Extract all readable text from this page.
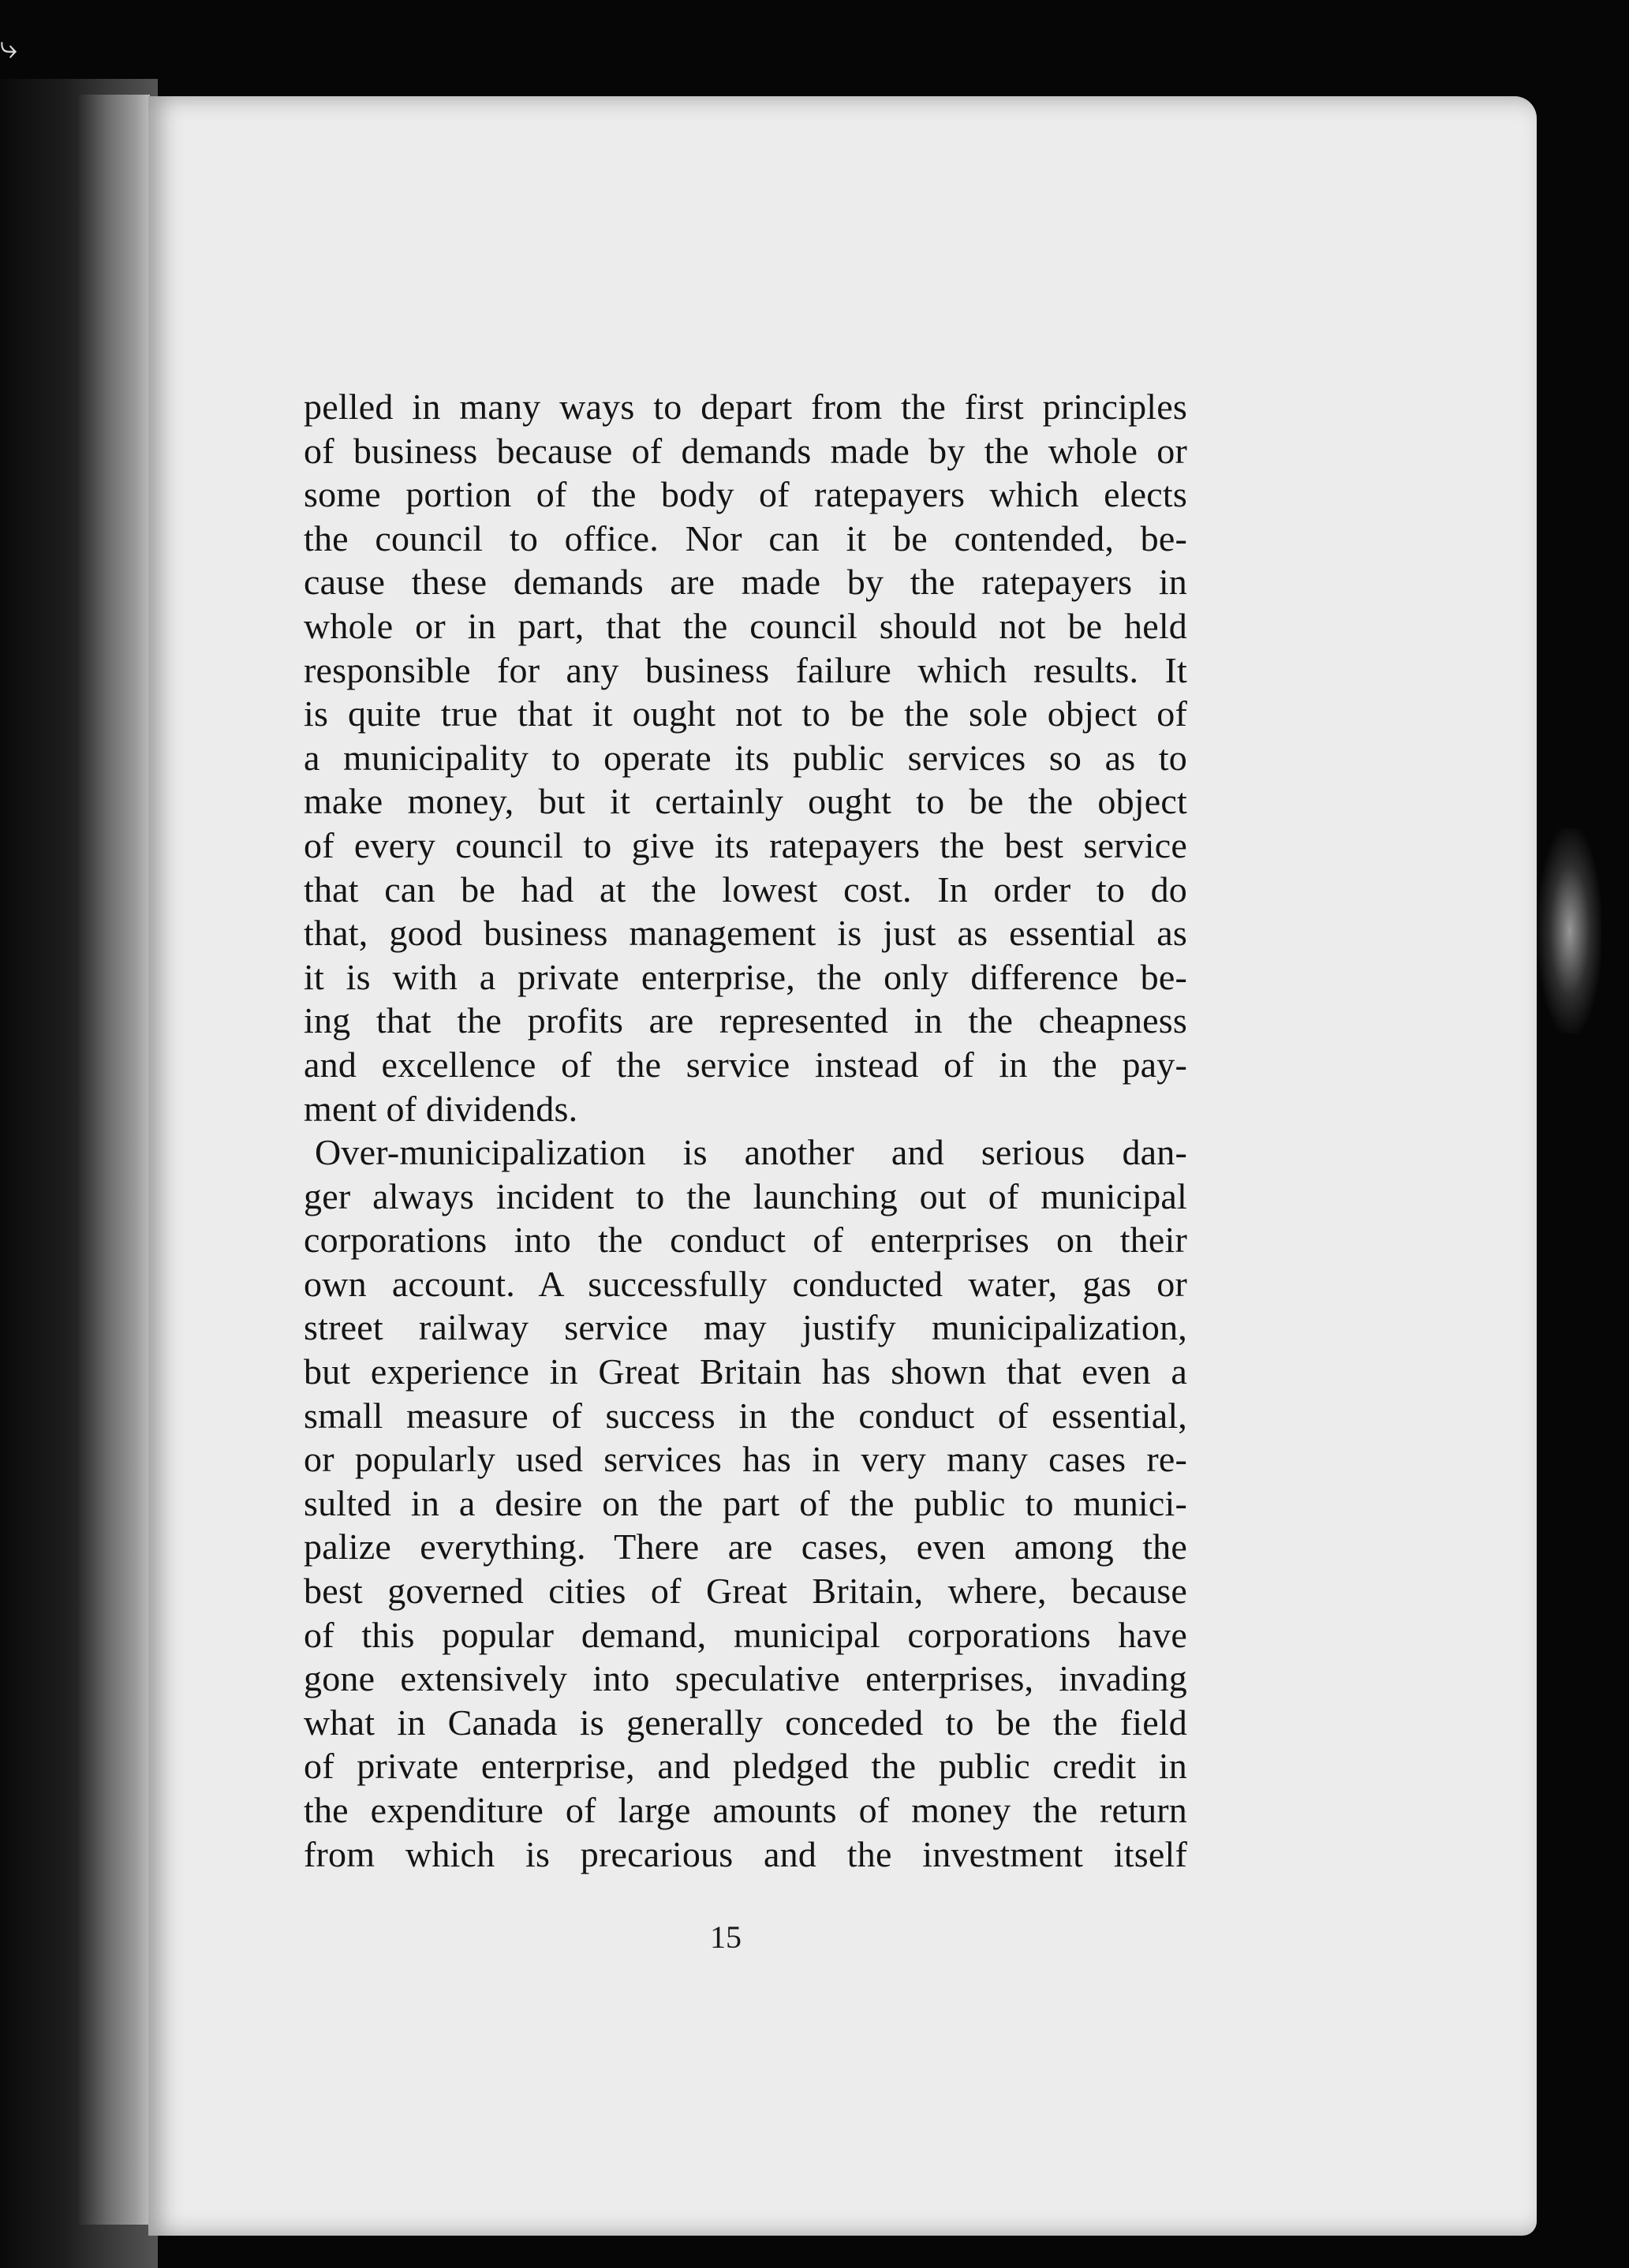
⤷
pelled in many ways to depart from the first principles
of business because of demands made by the whole or
some portion of the body of ratepayers which elects
the council to office. Nor can it be contended, be-
cause these demands are made by the ratepayers in
whole or in part, that the council should not be held
responsible for any business failure which results. It
is quite true that it ought not to be the sole object of
a municipality to operate its public services so as to
make money, but it certainly ought to be the object
of every council to give its ratepayers the best service
that can be had at the lowest cost. In order to do
that, good business management is just as essential as
it is with a private enterprise, the only difference be-
ing that the profits are represented in the cheapness
and excellence of the service instead of in the pay-
ment of dividends.
Over-municipalization is another and serious dan-
ger always incident to the launching out of municipal
corporations into the conduct of enterprises on their
own account. A successfully conducted water, gas or
street railway service may justify municipalization,
but experience in Great Britain has shown that even a
small measure of success in the conduct of essential,
or popularly used services has in very many cases re-
sulted in a desire on the part of the public to munici-
palize everything. There are cases, even among the
best governed cities of Great Britain, where, because
of this popular demand, municipal corporations have
gone extensively into speculative enterprises, invading
what in Canada is generally conceded to be the field
of private enterprise, and pledged the public credit in
the expenditure of large amounts of money the return
from which is precarious and the investment itself
15
